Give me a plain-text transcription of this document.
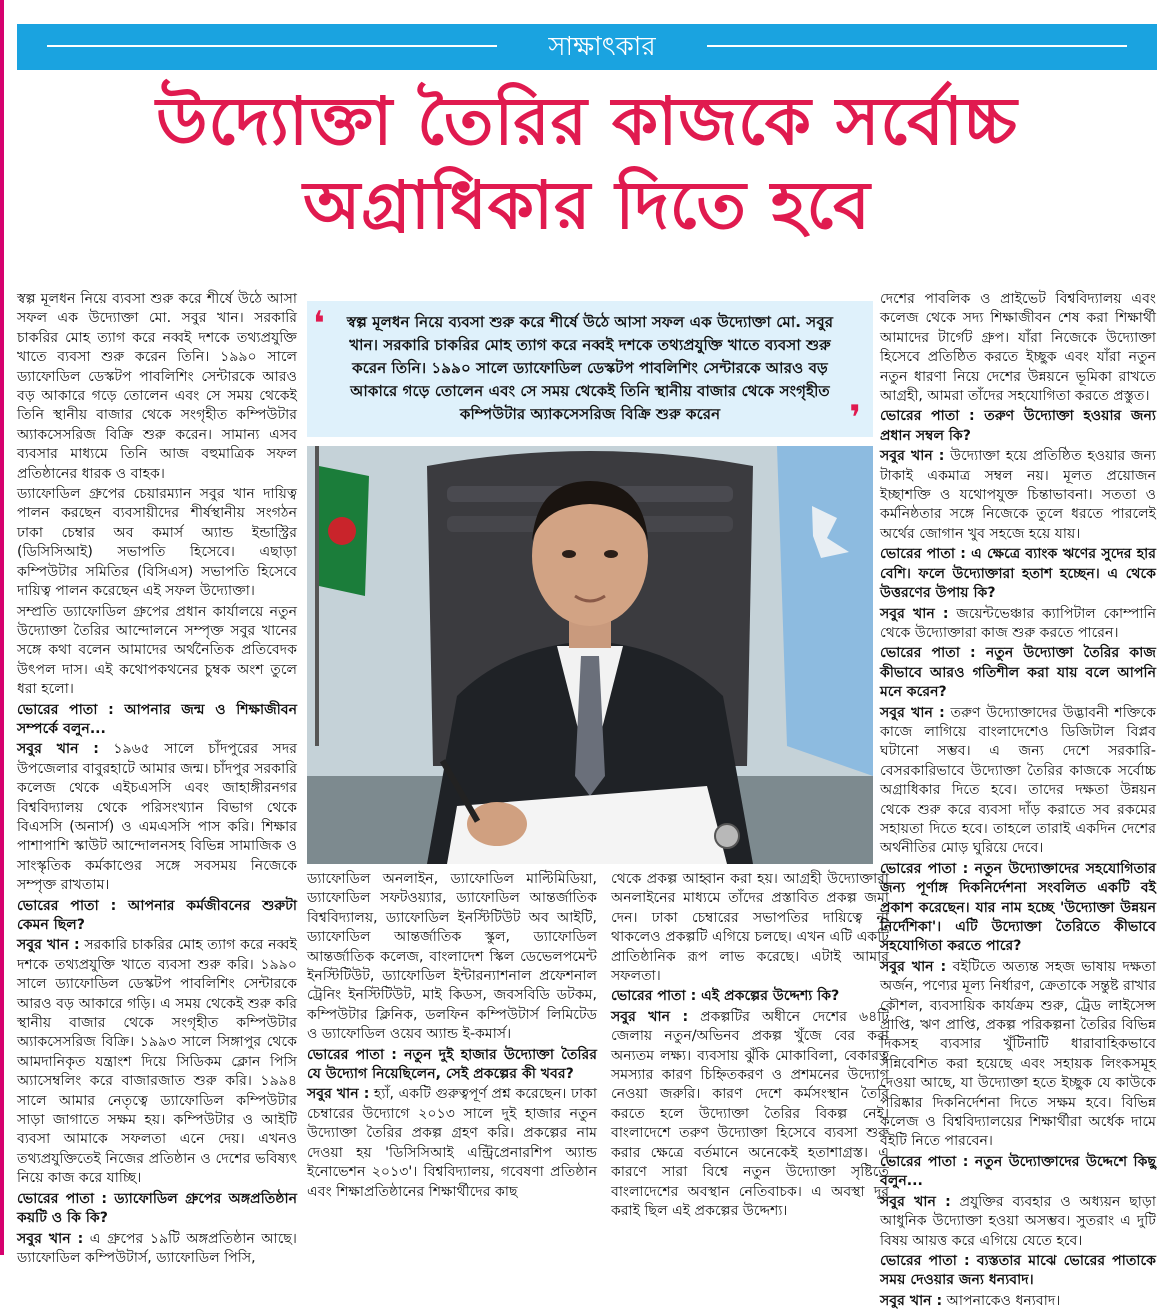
সাক্ষাৎকার
উদ্যোক্তা তৈরির কাজকে সর্বোচ্চ
অগ্রাধিকার দিতে হবে

স্বল্প মূলধন নিয়ে ব্যবসা শুরু করে শীর্ষে উঠে আসা সফল এক উদ্যোক্তা মো. সবুর খান। সরকারি চাকরির মোহ ত্যাগ করে নব্বই দশকে তথ্যপ্রযুক্তি খাতে ব্যবসা শুরু করেন তিনি। ১৯৯০ সালে ড্যাফোডিল ডেস্কটপ পাবলিশিং সেন্টারকে আরও বড় আকারে গড়ে তোলেন এবং সে সময় থেকেই তিনি স্থানীয় বাজার থেকে সংগৃহীত কম্পিউটার অ্যাকসেসরিজ বিক্রি শুরু করেন। সামান্য এসব ব্যবসার মাধ্যমে তিনি আজ বহুমাত্রিক সফল প্রতিষ্ঠানের ধারক ও বাহক।

ড্যাফোডিল গ্রুপের চেয়ারম্যান সবুর খান দায়িত্ব পালন করছেন ব্যবসায়ীদের শীর্ষস্থানীয় সংগঠন ঢাকা চেম্বার অব কমার্স অ্যান্ড ইন্ডাস্ট্রির (ডিসিসিআই) সভাপতি হিসেবে। এছাড়া কম্পিউটার সমিতির (বিসিএস) সভাপতি হিসেবে দায়িত্ব পালন করেছেন এই সফল উদ্যোক্তা।

সম্প্রতি ড্যাফোডিল গ্রুপের প্রধান কার্যালয়ে নতুন উদ্যোক্তা তৈরির আন্দোলনে সম্পৃক্ত সবুর খানের সঙ্গে কথা বলেন আমাদের অর্থনৈতিক প্রতিবেদক উৎপল দাস। এই কথোপকথনের চুম্বক অংশ তুলে ধরা হলো।

ভোরের পাতা : আপনার জন্ম ও শিক্ষাজীবন সম্পর্কে বলুন...

সবুর খান : ১৯৬৫ সালে চাঁদপুরের সদর উপজেলার বাবুরহাটে আমার জন্ম। চাঁদপুর সরকারি কলেজ থেকে এইচএসসি এবং জাহাঙ্গীরনগর বিশ্ববিদ্যালয় থেকে পরিসংখ্যান বিভাগ থেকে বিএসসি (অনার্স) ও এমএসসি পাস করি। শিক্ষার পাশাপাশি স্কাউট আন্দোলনসহ বিভিন্ন সামাজিক ও সাংস্কৃতিক কর্মকাণ্ডের সঙ্গে সবসময় নিজেকে সম্পৃক্ত রাখতাম।

ভোরের পাতা : আপনার কর্মজীবনের শুরুটা কেমন ছিল?

সবুর খান : সরকারি চাকরির মোহ ত্যাগ করে নব্বই দশকে তথ্যপ্রযুক্তি খাতে ব্যবসা শুরু করি। ১৯৯০ সালে ড্যাফোডিল ডেস্কটপ পাবলিশিং সেন্টারকে আরও বড় আকারে গড়ি। এ সময় থেকেই শুরু করি স্থানীয় বাজার থেকে সংগৃহীত কম্পিউটার অ্যাকসেসরিজ বিক্রি। ১৯৯৩ সালে সিঙ্গাপুর থেকে আমদানিকৃত যন্ত্রাংশ দিয়ে সিডিকম ক্লোন পিসি অ্যাসেম্বলিং করে বাজারজাত শুরু করি। ১৯৯৪ সালে আমার নেতৃত্বে ড্যাফোডিল কম্পিউটার সাড়া জাগাতে সক্ষম হয়। কম্পিউটার ও আইটি ব্যবসা আমাকে সফলতা এনে দেয়। এখনও তথ্যপ্রযুক্তিতেই নিজের প্রতিষ্ঠান ও দেশের ভবিষ্যৎ নিয়ে কাজ করে যাচ্ছি।

ভোরের পাতা : ড্যাফোডিল গ্রুপের অঙ্গপ্রতিষ্ঠান কয়টি ও কি কি?

সবুর খান : এ গ্রুপের ১৯টি অঙ্গপ্রতিষ্ঠান আছে। ড্যাফোডিল কম্পিউটার্স, ড্যাফোডিল পিসি,

❛ স্বল্প মূলধন নিয়ে ব্যবসা শুরু করে শীর্ষে উঠে আসা সফল এক উদ্যোক্তা মো. সবুর খান। সরকারি চাকরির মোহ ত্যাগ করে নব্বই দশকে তথ্যপ্রযুক্তি খাতে ব্যবসা শুরু করেন তিনি। ১৯৯০ সালে ড্যাফোডিল ডেস্কটপ পাবলিশিং সেন্টারকে আরও বড় আকারে গড়ে তোলেন এবং সে সময় থেকেই তিনি স্থানীয় বাজার থেকে সংগৃহীত কম্পিউটার অ্যাকসেসরিজ বিক্রি শুরু করেন	❜

ড্যাফোডিল অনলাইন, ড্যাফোডিল মাল্টিমিডিয়া, ড্যাফোডিল সফটওয়্যার, ড্যাফোডিল আন্তর্জাতিক বিশ্ববিদ্যালয়, ড্যাফোডিল ইনস্টিটিউট অব আইটি, ড্যাফোডিল আন্তর্জাতিক স্কুল, ড্যাফোডিল আন্তর্জাতিক কলেজ, বাংলাদেশ স্কিল ডেভেলপমেন্ট ইনস্টিটিউট, ড্যাফোডিল ইন্টারন্যাশনাল প্রফেশনাল ট্রেনিং ইনস্টিটিউট, মাই কিডস, জবসবিডি ডটকম, কম্পিউটার ক্লিনিক, ডলফিন কম্পিউটার্স লিমিটেড ও ড্যাফোডিল ওয়েব অ্যান্ড ই-কমার্স।

ভোরের পাতা : নতুন দুই হাজার উদ্যোক্তা তৈরির যে উদ্যোগ নিয়েছিলেন, সেই প্রকল্পের কী খবর?

সবুর খান : হ্যাঁ, একটি গুরুত্বপূর্ণ প্রশ্ন করেছেন। ঢাকা চেম্বারের উদ্যোগে ২০১৩ সালে দুই হাজার নতুন উদ্যোক্তা তৈরির প্রকল্প গ্রহণ করি। প্রকল্পের নাম দেওয়া হয় 'ডিসিসিআই এন্ট্রিপ্রেনারশিপ অ্যান্ড ইনোভেশন ২০১৩'। বিশ্ববিদ্যালয়, গবেষণা প্রতিষ্ঠান এবং শিক্ষাপ্রতিষ্ঠানের শিক্ষার্থীদের কাছ

থেকে প্রকল্প আহ্বান করা হয়। আগ্রহী উদ্যোক্তারা অনলাইনের মাধ্যমে তাঁদের প্রস্তাবিত প্রকল্প জমা দেন। ঢাকা চেম্বারের সভাপতির দায়িত্বে না থাকলেও প্রকল্পটি এগিয়ে চলছে। এখন এটি একটি প্রাতিষ্ঠানিক রূপ লাভ করেছে। এটাই আমার সফলতা।

ভোরের পাতা : এই প্রকল্পের উদ্দেশ্য কি?

সবুর খান : প্রকল্পটির অধীনে দেশের ৬৪টি জেলায় নতুন/অভিনব প্রকল্প খুঁজে বের করা অন্যতম লক্ষ্য। ব্যবসায় ঝুঁকি মোকাবিলা, বেকারত্ব সমস্যার কারণ চিহ্নিতকরণ ও প্রশমনের উদ্যোগ নেওয়া জরুরি। কারণ দেশে কর্মসংস্থান তৈরি করতে হলে উদ্যোক্তা তৈরির বিকল্প নেই। বাংলাদেশে তরুণ উদ্যোক্তা হিসেবে ব্যবসা শুরু করার ক্ষেত্রে বর্তমানে অনেকেই হতাশাগ্রস্ত। এ কারণে সারা বিশ্বে নতুন উদ্যোক্তা সৃষ্টিতে বাংলাদেশের অবস্থান নেতিবাচক। এ অবস্থা দূর করাই ছিল এই প্রকল্পের উদ্দেশ্য।

দেশের পাবলিক ও প্রাইভেট বিশ্ববিদ্যালয় এবং কলেজ থেকে সদ্য শিক্ষাজীবন শেষ করা শিক্ষার্থী আমাদের টার্গেট গ্রুপ। যাঁরা নিজেকে উদ্যোক্তা হিসেবে প্রতিষ্ঠিত করতে ইচ্ছুক এবং যাঁরা নতুন নতুন ধারণা নিয়ে দেশের উন্নয়নে ভূমিকা রাখতে আগ্রহী, আমরা তাঁদের সহযোগিতা করতে প্রস্তুত।

ভোরের পাতা : তরুণ উদ্যোক্তা হওয়ার জন্য প্রধান সম্বল কি?

সবুর খান : উদ্যোক্তা হয়ে প্রতিষ্ঠিত হওয়ার জন্য টাকাই একমাত্র সম্বল নয়। মূলত প্রয়োজন ইচ্ছাশক্তি ও যথোপযুক্ত চিন্তাভাবনা। সততা ও কর্মনিষ্ঠতার সঙ্গে নিজেকে তুলে ধরতে পারলেই অর্থের জোগান খুব সহজে হয়ে যায়।

ভোরের পাতা : এ ক্ষেত্রে ব্যাংক ঋণের সুদের হার বেশি। ফলে উদ্যোক্তারা হতাশ হচ্ছেন। এ থেকে উত্তরণের উপায় কি?

সবুর খান : জয়েন্টভেঞ্চার ক্যাপিটাল কোম্পানি থেকে উদ্যোক্তারা কাজ শুরু করতে পারেন।

ভোরের পাতা : নতুন উদ্যোক্তা তৈরির কাজ কীভাবে আরও গতিশীল করা যায় বলে আপনি মনে করেন?

সবুর খান : তরুণ উদ্যোক্তাদের উদ্ভাবনী শক্তিকে কাজে লাগিয়ে বাংলাদেশেও ডিজিটাল বিপ্লব ঘটানো সম্ভব। এ জন্য দেশে সরকারি-বেসরকারিভাবে উদ্যোক্তা তৈরির কাজকে সর্বোচ্চ অগ্রাধিকার দিতে হবে। তাদের দক্ষতা উন্নয়ন থেকে শুরু করে ব্যবসা দাঁড় করাতে সব রকমের সহায়তা দিতে হবে। তাহলে তারাই একদিন দেশের অর্থনীতির মোড় ঘুরিয়ে দেবে।

ভোরের পাতা : নতুন উদ্যোক্তাদের সহযোগিতার জন্য পূর্ণাঙ্গ দিকনির্দেশনা সংবলিত একটি বই প্রকাশ করেছেন। যার নাম হচ্ছে 'উদ্যোক্তা উন্নয়ন নির্দেশিকা'। এটি উদ্যোক্তা তৈরিতে কীভাবে সহযোগিতা করতে পারে?

সবুর খান : বইটিতে অত্যন্ত সহজ ভাষায় দক্ষতা অর্জন, পণ্যের মূল্য নির্ধারণ, ক্রেতাকে সন্তুষ্ট রাখার কৌশল, ব্যবসায়িক কার্যক্রম শুরু, ট্রেড লাইসেন্স প্রাপ্তি, ঋণ প্রাপ্তি, প্রকল্প পরিকল্পনা তৈরির বিভিন্ন দিকসহ ব্যবসার খুঁটিনাটি ধারাবাহিকভাবে সন্নিবেশিত করা হয়েছে এবং সহায়ক লিংকসমূহ দেওয়া আছে, যা উদ্যোক্তা হতে ইচ্ছুক যে কাউকে পরিষ্কার দিকনির্দেশনা দিতে সক্ষম হবে। বিভিন্ন কলেজ ও বিশ্ববিদ্যালয়ের শিক্ষার্থীরা অর্ধেক দামে বইটি নিতে পারবেন।

ভোরের পাতা : নতুন উদ্যোক্তাদের উদ্দেশে কিছু বলুন...

সবুর খান : প্রযুক্তির ব্যবহার ও অধ্যয়ন ছাড়া আধুনিক উদ্যোক্তা হওয়া অসম্ভব। সুতরাং এ দুটি বিষয় আয়ত্ত করে এগিয়ে যেতে হবে।

ভোরের পাতা : ব্যস্ততার মাঝে ভোরের পাতাকে সময় দেওয়ার জন্য ধন্যবাদ।

সবুর খান : আপনাকেও ধন্যবাদ।
